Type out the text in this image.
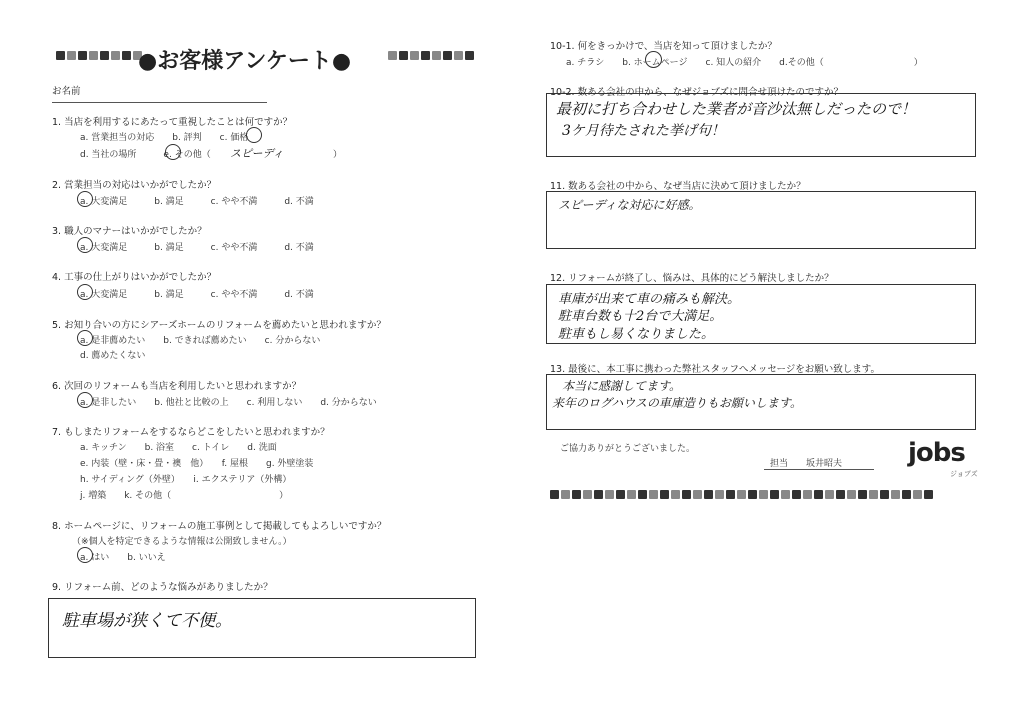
●お客様アンケート●
お名前
1. 当店を利用するにあたって重視したことは何ですか？
a. 営業担当の対応　　b. 評判　　c. 価格
d. 当社の場所　　　e. その他（ スピーディ	）
2. 営業担当の対応はいかがでしたか？
a. 大変満足　　　b. 満足　　　c. やや不満　　　d. 不満
3. 職人のマナーはいかがでしたか？
a. 大変満足　　　b. 満足　　　c. やや不満　　　d. 不満
4. 工事の仕上がりはいかがでしたか？
a. 大変満足　　　b. 満足　　　c. やや不満　　　d. 不満
5. お知り合いの方にシアーズホームのリフォームを薦めたいと思われますか？
a. 是非薦めたい　　b. できれば薦めたい　　c. 分からない
d. 薦めたくない
6. 次回のリフォームも当店を利用したいと思われますか？
a. 是非したい　　b. 他社と比較の上　　c. 利用しない　　d. 分からない
7. もしまたリフォームをするならどこをしたいと思われますか？
a. キッチン　　b. 浴室　　c. トイレ　　d. 洗面
e. 内装（壁・床・畳・襖　他）　　f. 屋根　　g. 外壁塗装
h. サイディング（外壁）　　i. エクステリア（外構）
j. 増築　　k. その他（　　　　　　　　　　　　）
8. ホームページに、リフォームの施工事例として掲載してもよろしいですか？
（※個人を特定できるような情報は公開致しません。）
a. はい　　b. いいえ
9. リフォーム前、どのような悩みがありましたか？
駐車場が狭くて不便。
10-1. 何をきっかけで、当店を知って頂けましたか？
a. チラシ　　b. ホームページ　　c. 知人の紹介　　d.その他（　　　　　　　　　　）
10-2. 数ある会社の中から、なぜジョブズに問合せ頂けたのですか？
最初に打ち合わせした業者が音沙汰無しだったので！
3ケ月待たされた挙げ句！
11. 数ある会社の中から、なぜ当店に決めて頂けましたか？
スピーディな対応に好感。
12. リフォームが終了し、悩みは、具体的にどう解決しましたか？
車庫が出来て車の痛みも解決。
駐車台数も十2台で大満足。
駐車もし易くなりました。
13. 最後に、本工事に携わった弊社スタッフへメッセージをお願い致します。
本当に感謝してます。
来年のログハウスの車庫造りもお願いします。
ご協力ありがとうございました。
担当 坂井昭夫	jobs
ジョブズ
